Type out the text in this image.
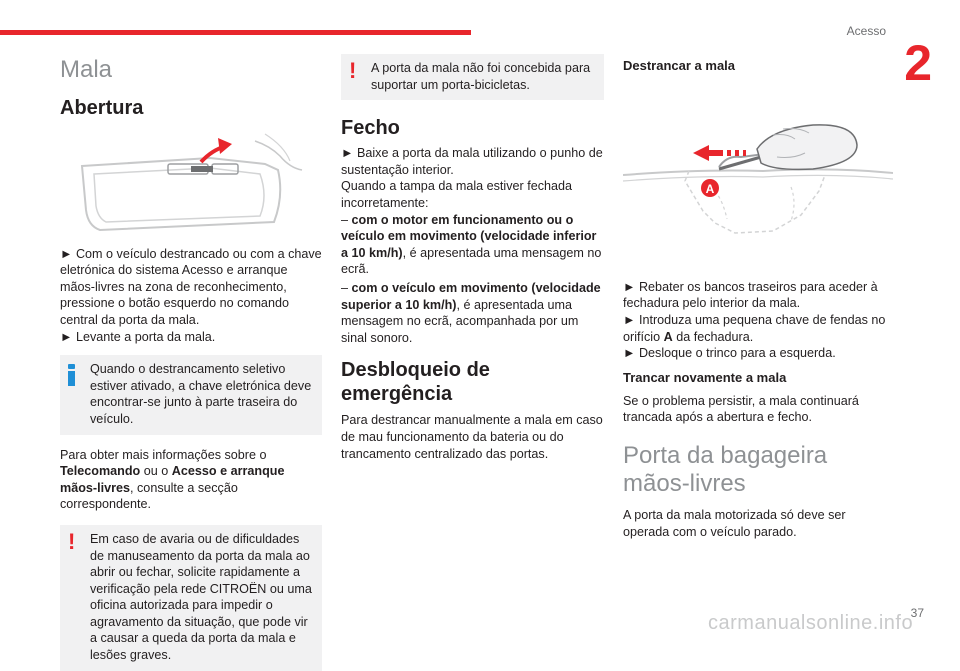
Acesso
2
Mala
Abertura

► Com o veículo destrancado ou com a chave eletrónica do sistema Acesso e arranque mãos-livres na zona de reconhecimento, pressione o botão esquerdo no comando central da porta da mala.

► Levante a porta da mala.

Quando o destrancamento seletivo estiver ativado, a chave eletrónica deve encontrar-se junto à parte traseira do veículo.

Para obter mais informações sobre o Telecomando ou o Acesso e arranque mãos-livres, consulte a secção correspondente.

!	Em caso de avaria ou de dificuldades de manuseamento da porta da mala ao abrir ou fechar, solicite rapidamente a verificação pela rede CITROËN ou uma oficina autorizada para impedir o agravamento da situação, que pode vir a causar a queda da porta da mala e lesões graves.
!	A porta da mala não foi concebida para suportar um porta-bicicletas.
Fecho

► Baixe a porta da mala utilizando o punho de sustentação interior.

Quando a tampa da mala estiver fechada incorretamente:

– com o motor em funcionamento ou o veículo em movimento (velocidade inferior a 10 km/h), é apresentada uma mensagem no ecrã.

– com o veículo em movimento (velocidade superior a 10 km/h), é apresentada uma mensagem no ecrã, acompanhada por um sinal sonoro.

Desbloqueio de emergência

Para destrancar manualmente a mala em caso de mau funcionamento da bateria ou do trancamento centralizado das portas.

Destrancar a mala
A

► Rebater os bancos traseiros para aceder à fechadura pelo interior da mala.

► Introduza uma pequena chave de fendas no orifício A da fechadura.

► Desloque o trinco para a esquerda.

Trancar novamente a mala

Se o problema persistir, a mala continuará trancada após a abertura e fecho.

Porta da bagageira mãos-livres

A porta da mala motorizada só deve ser operada com o veículo parado.

37
carmanualsonline.info
